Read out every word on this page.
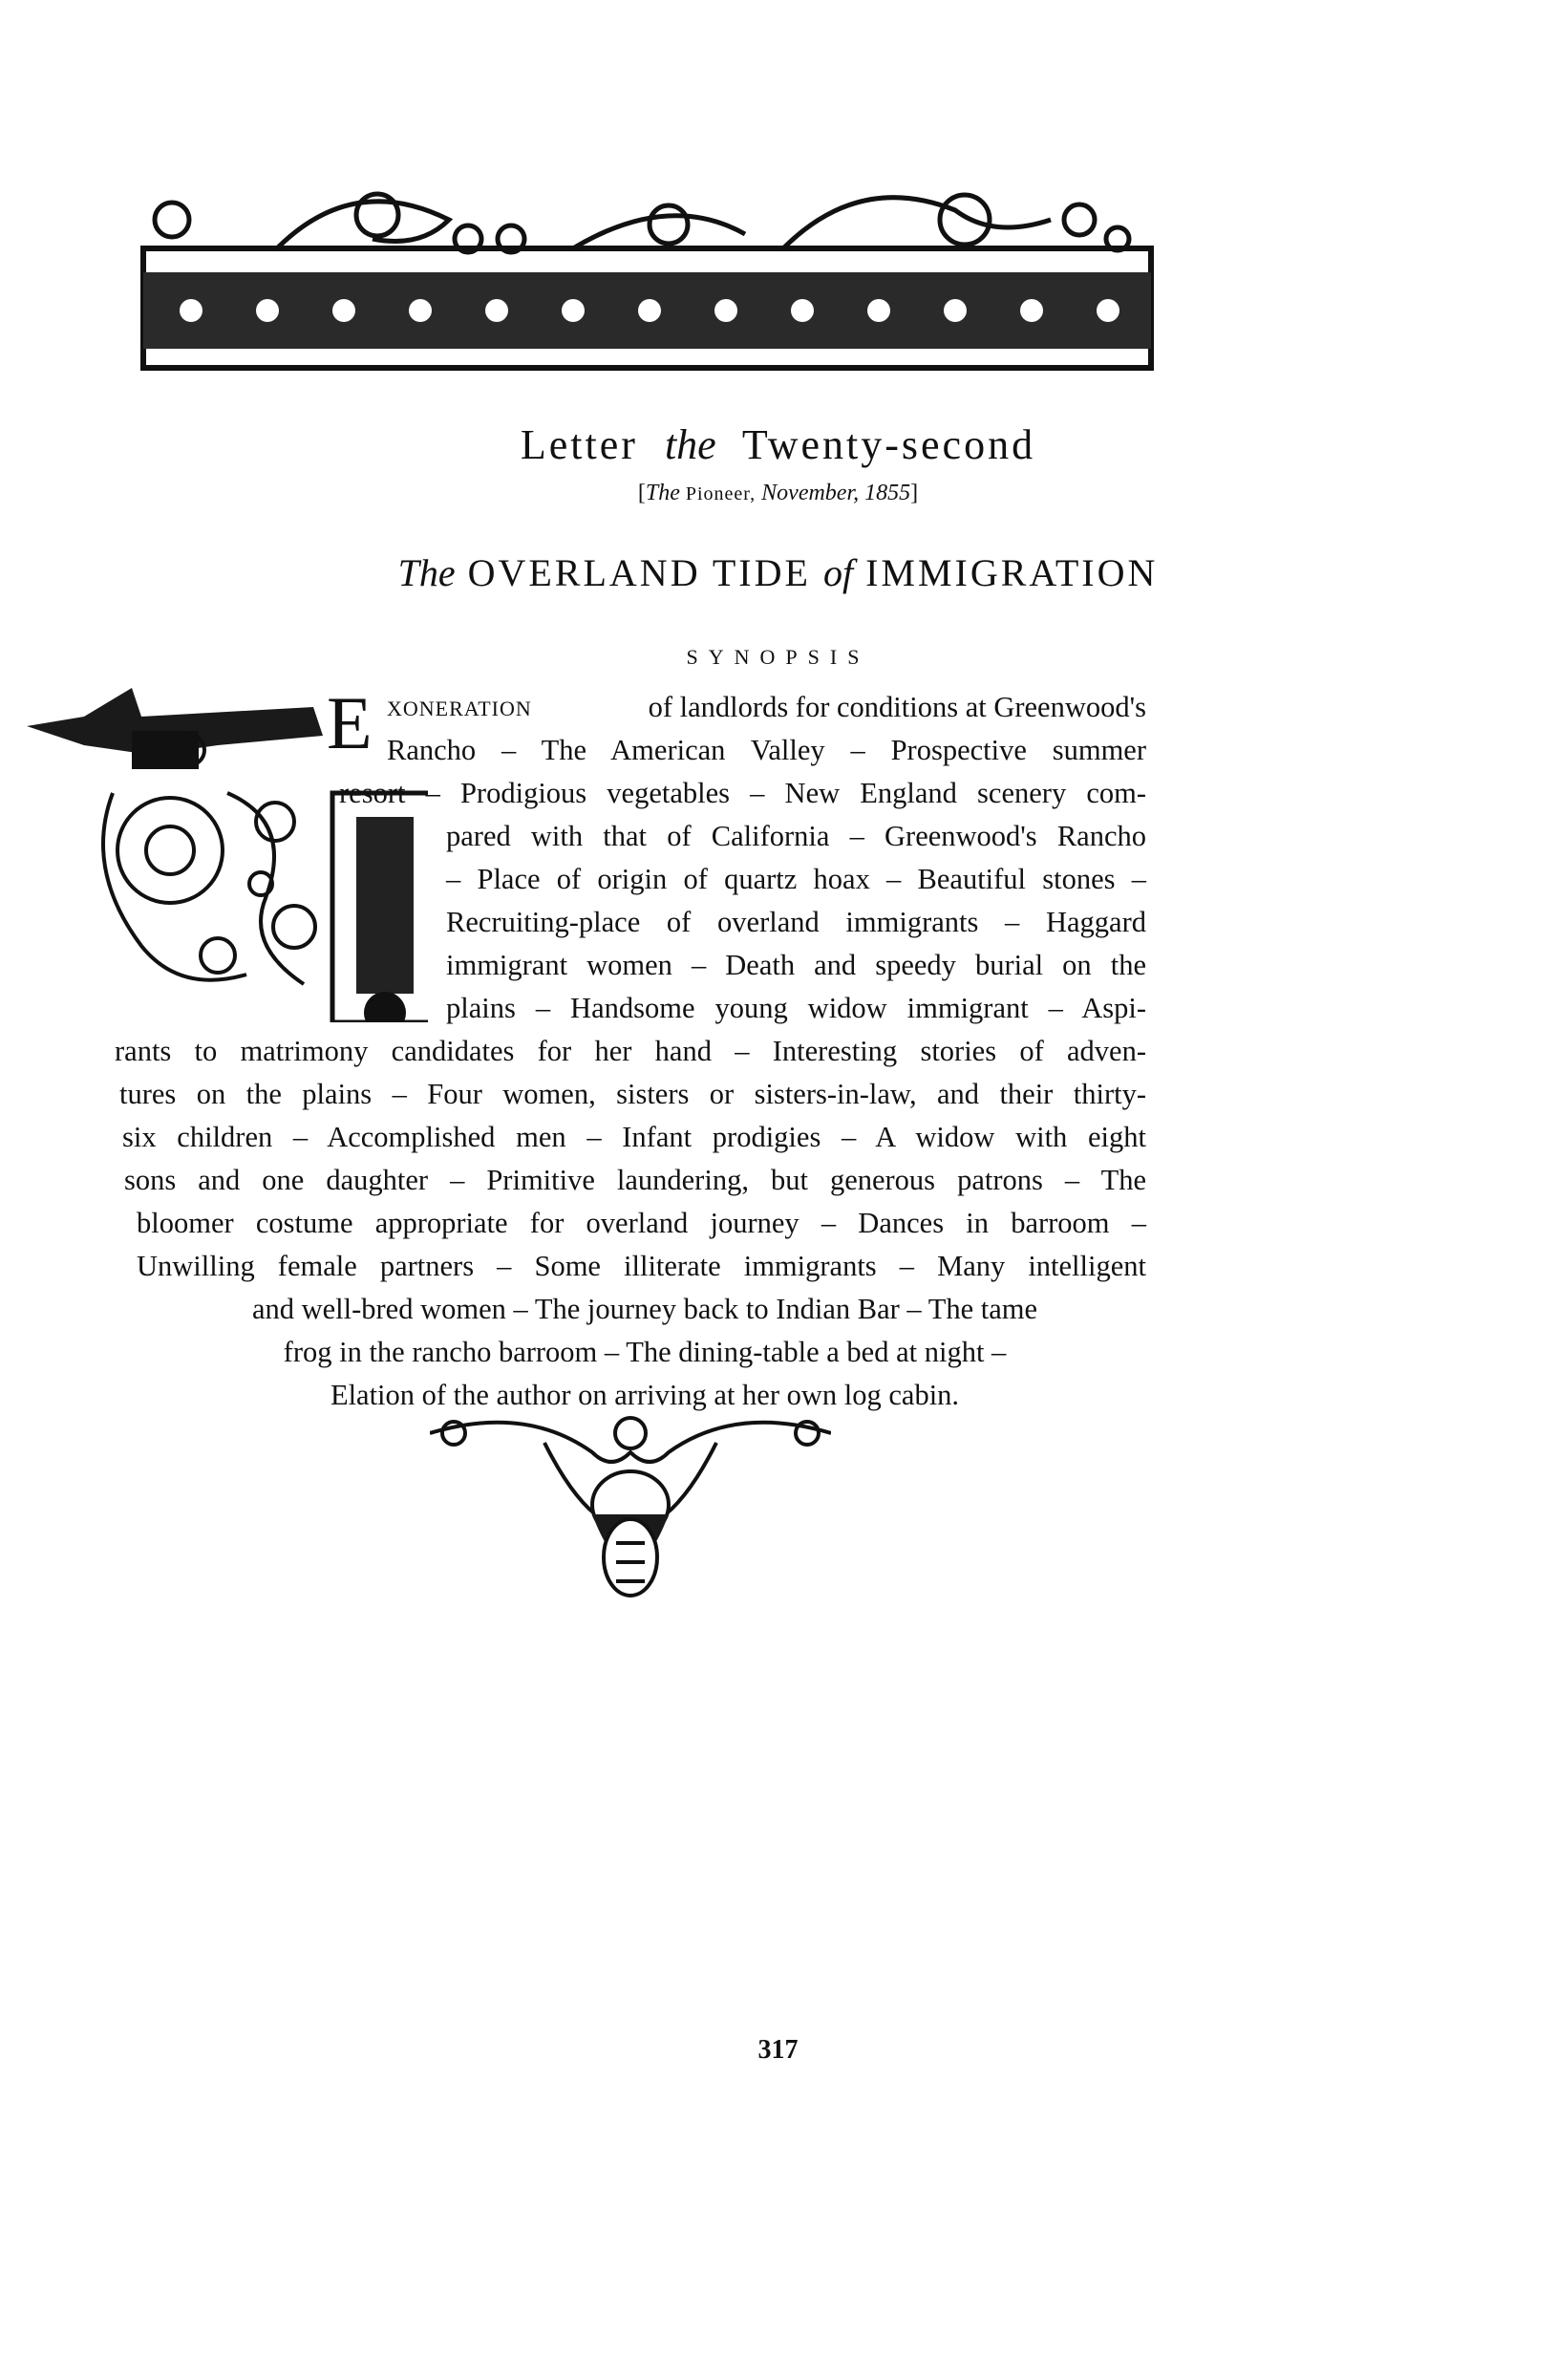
Letter the Twenty-second
[The Pioneer, November, 1855]
The OVERLAND TIDE of IMMIGRATION
SYNOPSIS
E XONERATION	of landlords for conditions at Greenwood's
Rancho – The American Valley – Prospective summer
resort – Prodigious vegetables – New England scenery com-
pared with that of California – Greenwood's Rancho
– Place of origin of quartz hoax – Beautiful stones –
Recruiting-place of overland immigrants – Haggard
immigrant women – Death and speedy burial on the
plains – Handsome young widow immigrant – Aspi-
rants to matrimony candidates for her hand – Interesting stories of adven-
tures on the plains – Four women, sisters or sisters-in-law, and their thirty-
six children – Accomplished men – Infant prodigies – A widow with eight
sons and one daughter – Primitive laundering, but generous patrons – The
bloomer costume appropriate for overland journey – Dances in barroom –
Unwilling female partners – Some illiterate immigrants – Many intelligent
and well-bred women – The journey back to Indian Bar – The tame
frog in the rancho barroom – The dining-table a bed at night –
Elation of the author on arriving at her own log cabin.
317
